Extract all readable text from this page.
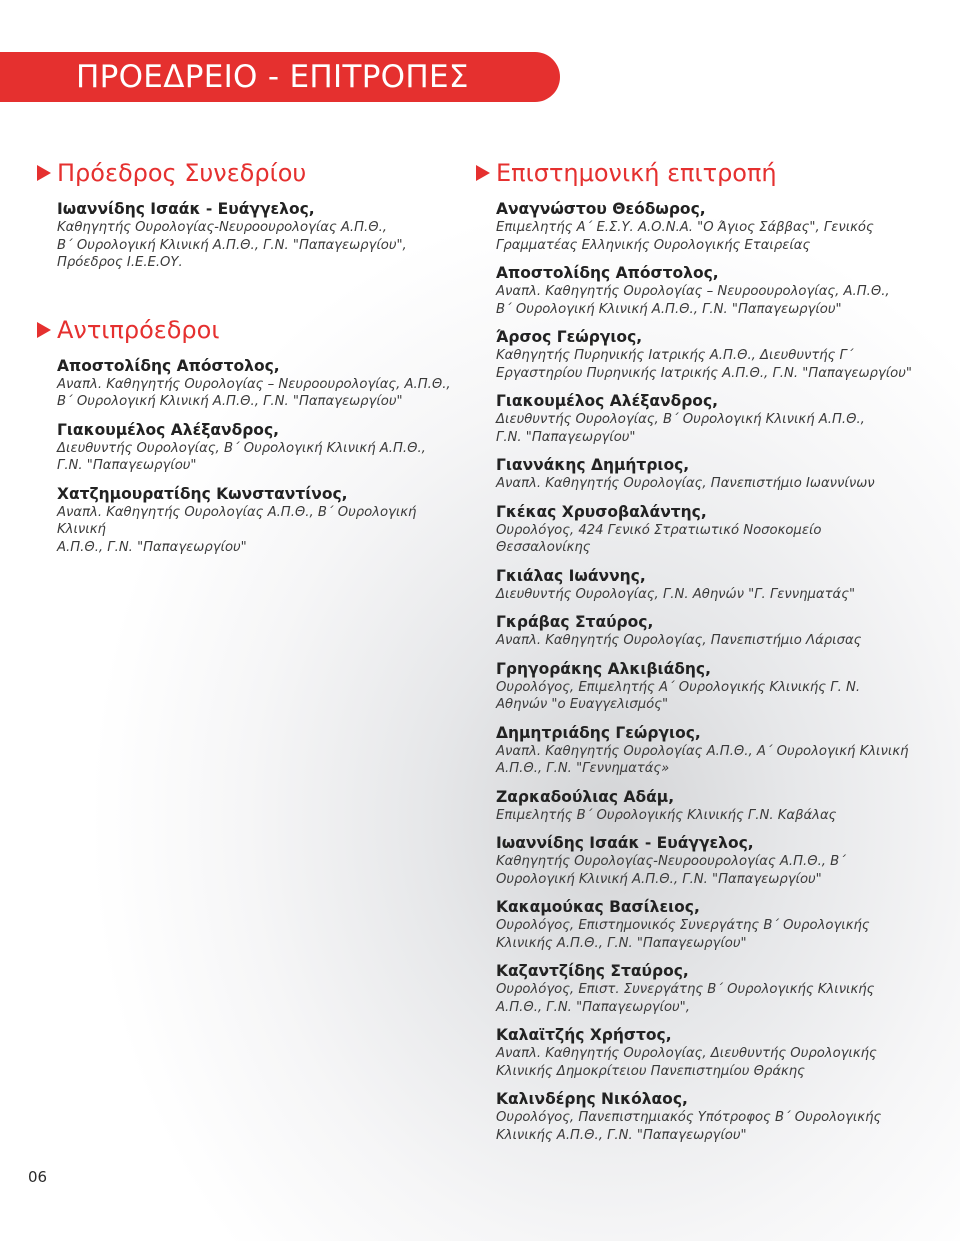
ΠΡΟΕΔΡΕΙΟ - ΕΠΙΤΡΟΠΕΣ
Πρόεδρος Συνεδρίου
Ιωαννίδης Ισαάκ - Ευάγγελος,
Καθηγητής Ουρολογίας-Νευροουρολογίας Α.Π.Θ.,
Β΄ Ουρολογική Κλινική Α.Π.Θ., Γ.Ν. "Παπαγεωργίου",
Πρόεδρος Ι.Ε.Ε.ΟΥ.
Αντιπρόεδροι
Αποστολίδης Απόστολος,
Αναπλ. Καθηγητής Ουρολογίας – Νευροουρολογίας, Α.Π.Θ.,
Β΄ Ουρολογική Κλινική Α.Π.Θ., Γ.Ν. "Παπαγεωργίου"
Γιακουμέλος Αλέξανδρος,
Διευθυντής Ουρολογίας, Β΄ Ουρολογική Κλινική Α.Π.Θ.,
Γ.Ν. "Παπαγεωργίου"
Χατζημουρατίδης Κωνσταντίνος,
Αναπλ. Καθηγητής Ουρολογίας Α.Π.Θ., Β΄ Ουρολογική Κλινική
Α.Π.Θ., Γ.Ν. "Παπαγεωργίου"
Επιστημονική επιτροπή
Αναγνώστου Θεόδωρος,
Επιμελητής Α΄ Ε.Σ.Υ. Α.Ο.Ν.Α. "Ο Άγιος Σάββας", Γενικός
Γραμματέας Ελληνικής Ουρολογικής Εταιρείας
Αποστολίδης Απόστολος,
Αναπλ. Καθηγητής Ουρολογίας – Νευροουρολογίας, Α.Π.Θ.,
Β΄ Ουρολογική Κλινική Α.Π.Θ., Γ.Ν. "Παπαγεωργίου"
Άρσος Γεώργιος,
Καθηγητής Πυρηνικής Ιατρικής Α.Π.Θ., Διευθυντής Γ΄
Εργαστηρίου Πυρηνικής Ιατρικής Α.Π.Θ., Γ.Ν. "Παπαγεωργίου"
Γιακουμέλος Αλέξανδρος,
Διευθυντής Ουρολογίας, Β΄ Ουρολογική Κλινική Α.Π.Θ.,
Γ.Ν. "Παπαγεωργίου"
Γιαννάκης Δημήτριος,
Αναπλ. Καθηγητής Ουρολογίας, Πανεπιστήμιο Ιωαννίνων
Γκέκας Χρυσοβαλάντης,
Ουρολόγος, 424 Γενικό Στρατιωτικό Νοσοκομείο Θεσσαλονίκης
Γκιάλας Ιωάννης,
Διευθυντής Ουρολογίας, Γ.Ν. Αθηνών "Γ. Γεννηματάς"
Γκράβας Σταύρος,
Αναπλ. Καθηγητής Ουρολογίας, Πανεπιστήμιο Λάρισας
Γρηγοράκης Αλκιβιάδης,
Ουρολόγος, Επιμελητής Α΄ Ουρολογικής Κλινικής Γ. Ν.
Αθηνών "ο Ευαγγελισμός"
Δημητριάδης Γεώργιος,
Αναπλ. Καθηγητής Ουρολογίας Α.Π.Θ., Α΄ Ουρολογική Κλινική
Α.Π.Θ., Γ.Ν. "Γεννηματάς»
Ζαρκαδούλιας Αδάμ,
Επιμελητής Β΄ Ουρολογικής Κλινικής Γ.Ν. Καβάλας
Ιωαννίδης Ισαάκ - Ευάγγελος,
Καθηγητής Ουρολογίας-Νευροουρολογίας Α.Π.Θ., Β΄
Ουρολογική Κλινική Α.Π.Θ., Γ.Ν. "Παπαγεωργίου"
Κακαμούκας Βασίλειος,
Ουρολόγος, Επιστημονικός Συνεργάτης Β΄ Ουρολογικής
Κλινικής Α.Π.Θ., Γ.Ν. "Παπαγεωργίου"
Καζαντζίδης Σταύρος,
Ουρολόγος, Επιστ. Συνεργάτης Β΄ Ουρολογικής Κλινικής
Α.Π.Θ., Γ.Ν. "Παπαγεωργίου",
Καλαϊτζής Χρήστος,
Αναπλ. Καθηγητής Ουρολογίας, Διευθυντής Ουρολογικής
Κλινικής Δημοκρίτειου Πανεπιστημίου Θράκης
Καλινδέρης Νικόλαος,
Ουρολόγος, Πανεπιστημιακός Υπότροφος Β΄ Ουρολογικής
Κλινικής Α.Π.Θ., Γ.Ν. "Παπαγεωργίου"
06
